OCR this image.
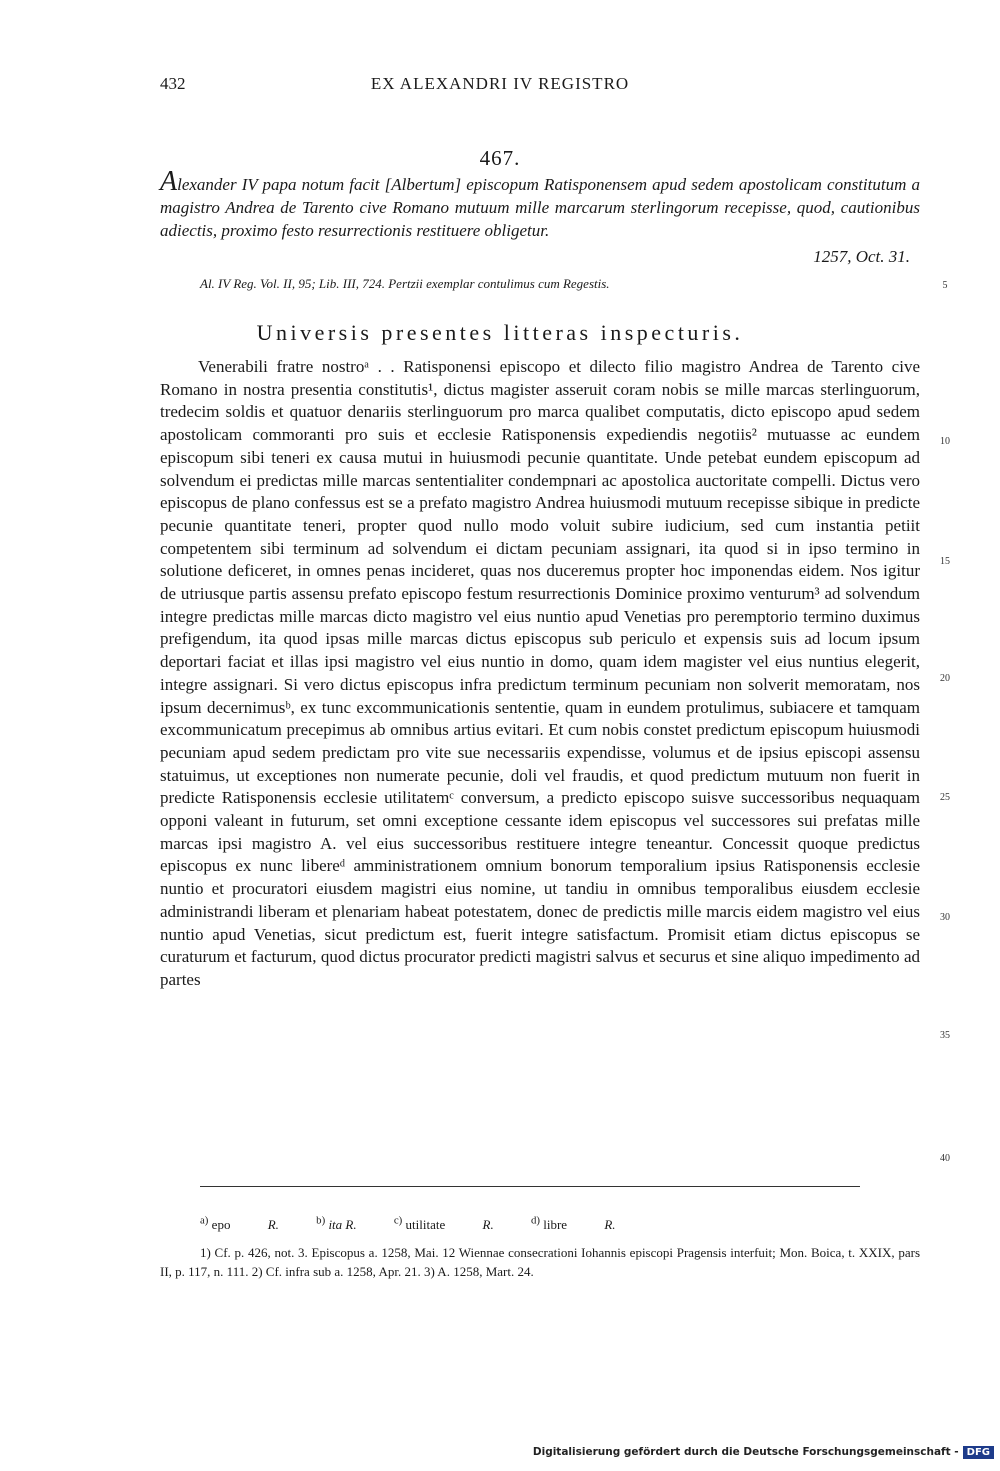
432	EX ALEXANDRI IV REGISTRO
467.
Alexander IV papa notum facit [Albertum] episcopum Ratisponensem apud sedem apostolicam constitutum a magistro Andrea de Tarento cive Romano mutuum mille marcarum sterlingorum recepisse, quod, cautionibus adiectis, proximo festo resurrectionis restituere obligetur.
1257, Oct. 31.
Al. IV Reg. Vol. II, 95; Lib. III, 724. Pertzii exemplar contulimus cum Regestis.	5
10
15
20
25
30
35
40
Universis presentes litteras inspecturis.

Venerabili fratre nostroᵃ . . Ratisponensi episcopo et dilecto filio magistro Andrea de Tarento cive Romano in nostra presentia constitutis¹, dictus magister asseruit coram nobis se mille marcas sterlinguorum, tredecim soldis et quatuor denariis sterlinguorum pro marca qualibet computatis, dicto episcopo apud sedem apostolicam commoranti pro suis et ecclesie Ratisponensis expediendis negotiis² mutuasse ac eundem episcopum sibi teneri ex causa mutui in huiusmodi pecunie quantitate. Unde petebat eundem episcopum ad solvendum ei predictas mille marcas sententialiter condempnari ac apostolica auctoritate compelli. Dictus vero episcopus de plano confessus est se a prefato magistro Andrea huiusmodi mutuum recepisse sibique in predicte pecunie quantitate teneri, propter quod nullo modo voluit subire iudicium, sed cum instantia petiit competentem sibi terminum ad solvendum ei dictam pecuniam assignari, ita quod si in ipso termino in solutione deficeret, in omnes penas incideret, quas nos duceremus propter hoc imponendas eidem. Nos igitur de utriusque partis assensu prefato episcopo festum resurrectionis Dominice proximo venturum³ ad solvendum integre predictas mille marcas dicto magistro vel eius nuntio apud Venetias pro peremptorio termino duximus prefigendum, ita quod ipsas mille marcas dictus episcopus sub periculo et expensis suis ad locum ipsum deportari faciat et illas ipsi magistro vel eius nuntio in domo, quam idem magister vel eius nuntius elegerit, integre assignari. Si vero dictus episcopus infra predictum terminum pecuniam non solverit memoratam, nos ipsum decernimusᵇ, ex tunc excommunicationis sententie, quam in eundem protulimus, subiacere et tamquam excommunicatum precepimus ab omnibus artius evitari. Et cum nobis constet predictum episcopum huiusmodi pecuniam apud sedem predictam pro vite sue necessariis expendisse, volumus et de ipsius episcopi assensu statuimus, ut exceptiones non numerate pecunie, doli vel fraudis, et quod predictum mutuum non fuerit in predicte Ratisponensis ecclesie utilitatemᶜ conversum, a predicto episcopo suisve successoribus nequaquam opponi valeant in futurum, set omni exceptione cessante idem episcopus vel successores sui prefatas mille marcas ipsi magistro A. vel eius successoribus restituere integre teneantur. Concessit quoque predictus episcopus ex nunc libereᵈ amministrationem omnium bonorum temporalium ipsius Ratisponensis ecclesie nuntio et procuratori eiusdem magistri eius nomine, ut tandiu in omnibus temporalibus eiusdem ecclesie administrandi liberam et plenariam habeat potestatem, donec de predictis mille marcis eidem magistro vel eius nuntio apud Venetias, sicut predictum est, fuerit integre satisfactum. Promisit etiam dictus episcopus se curaturum et facturum, quod dictus procurator predicti magistri salvus et securus et sine aliquo impedimento ad partes

$^{a)}$ epo	R.	$^{b)}$ ita R.	$^{c)}$ utilitate	R.	$^{d)}$ libre	R.

1) Cf. p. 426, not. 3. Episcopus a. 1258, Mai. 12 Wiennae consecrationi Iohannis episcopi Pragensis interfuit; Mon. Boica, t. XXIX, pars II, p. 117, n. 111. 2) Cf. infra sub a. 1258, Apr. 21. 3) A. 1258, Mart. 24.

Digitalisierung gefördert durch die Deutsche Forschungsgemeinschaft - DFG
